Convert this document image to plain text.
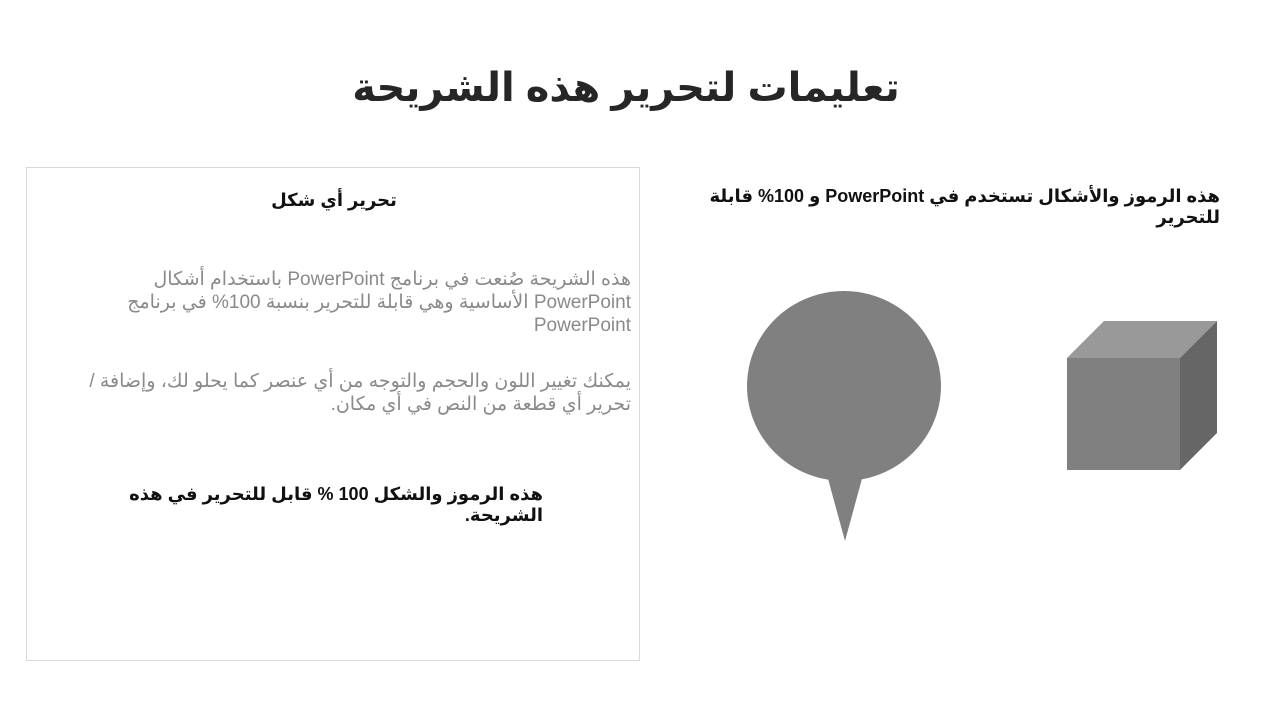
تعليمات لتحرير هذه الشريحة

تحرير أي شكل

هذه الشريحة صُنعت في برنامج PowerPoint باستخدام أشكال PowerPoint الأساسية وهي قابلة للتحرير بنسبة 100% في برنامج PowerPoint

يمكنك تغيير اللون والحجم والتوجه من أي عنصر كما يحلو لك، وإضافة / تحرير أي قطعة من النص في أي مكان.

هذه الرموز والشكل 100 % قابل للتحرير في هذه الشريحة.

هذه الرموز والأشكال تستخدم في PowerPoint و 100% قابلة للتحرير
